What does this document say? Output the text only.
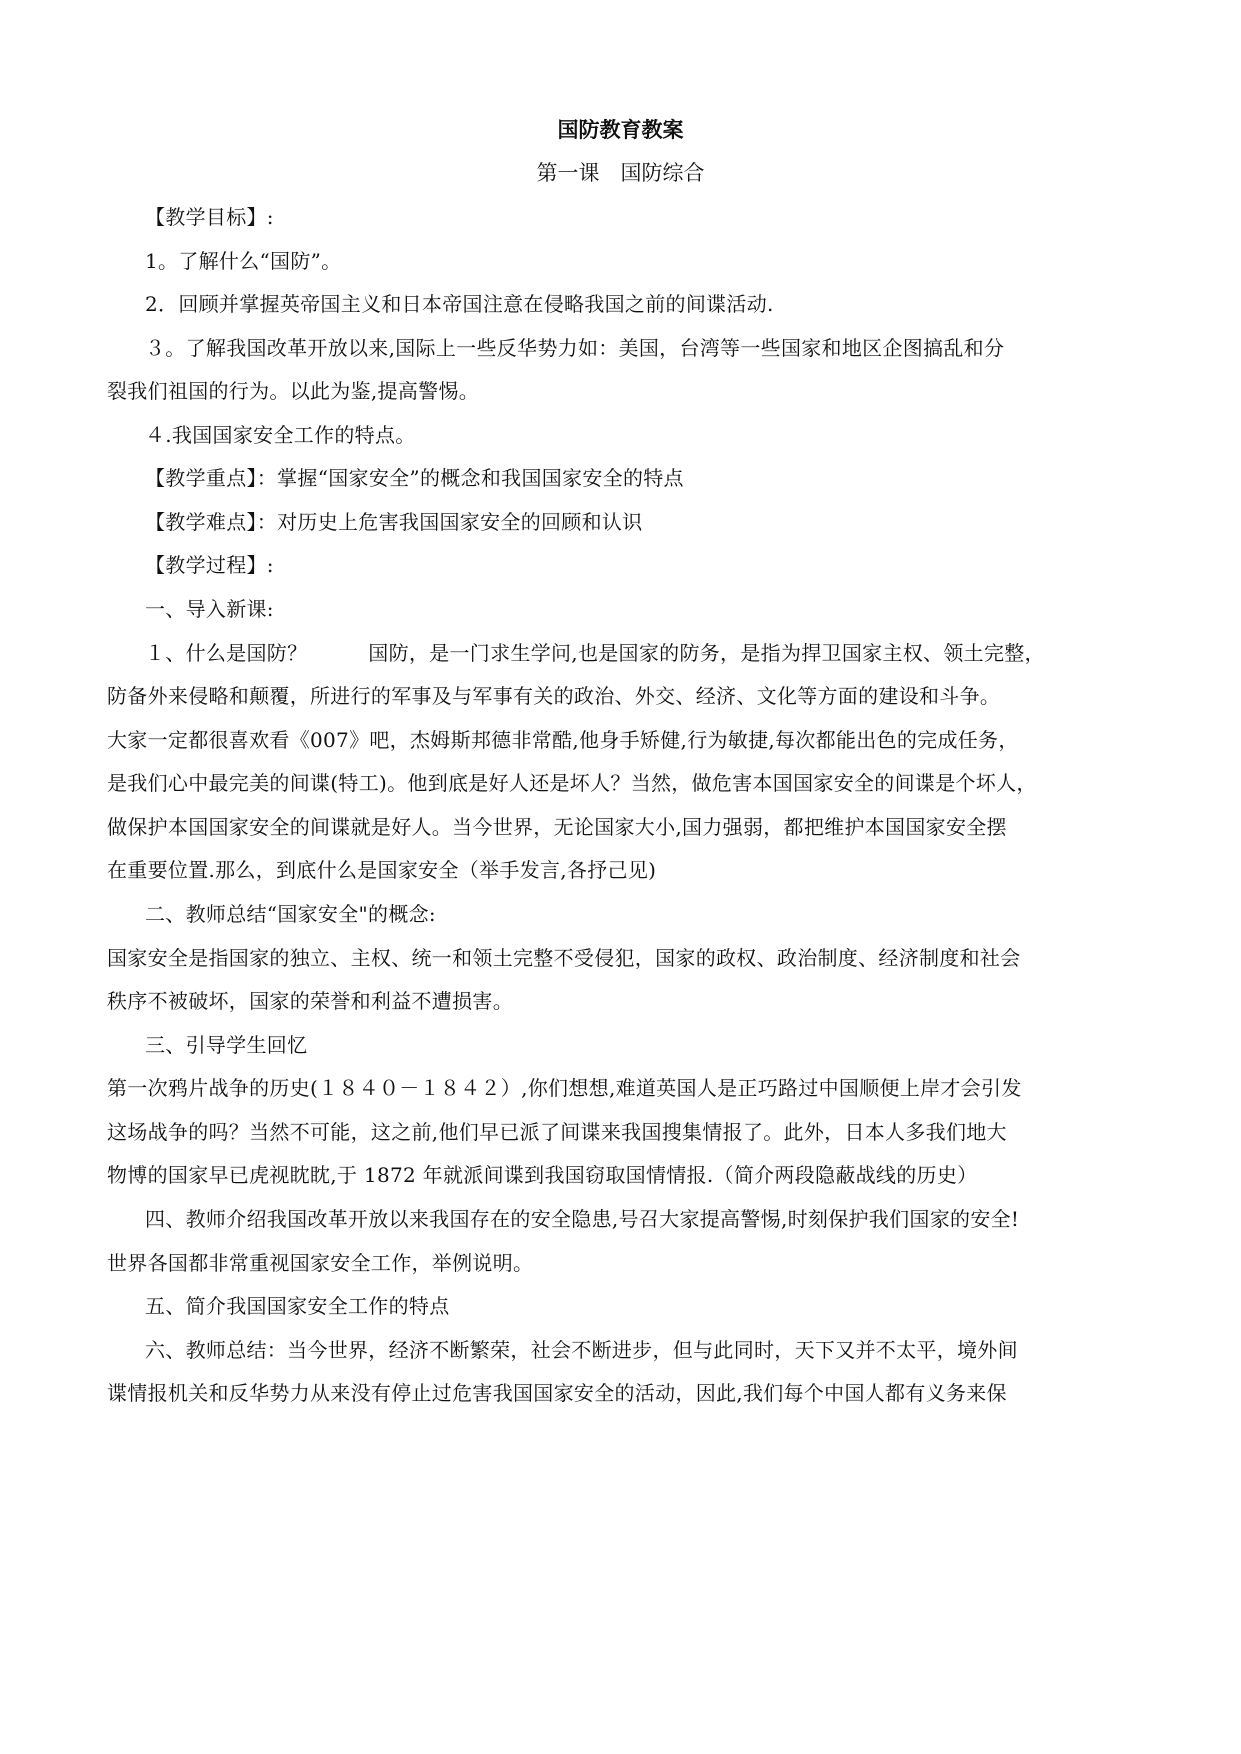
国防教育教案
第一课　国防综合
【教学目标】:
1。了解什么“国防”。
2．回顾并掌握英帝国主义和日本帝国注意在侵略我国之前的间谍活动.
３。了解我国改革开放以来,国际上一些反华势力如：美国，台湾等一些国家和地区企图搞乱和分
裂我们祖国的行为。以此为鉴,提高警惕。
４.我国国家安全工作的特点。
【教学重点】：掌握“国家安全”的概念和我国国家安全的特点
【教学难点】：对历史上危害我国国家安全的回顾和认识
【教学过程】:
一、导入新课:
１、什么是国防？　　　国防，是一门求生学问,也是国家的防务，是指为捍卫国家主权、领土完整，
防备外来侵略和颠覆，所进行的军事及与军事有关的政治、外交、经济、文化等方面的建设和斗争。
大家一定都很喜欢看《007》吧，杰姆斯邦德非常酷,他身手矫健,行为敏捷,每次都能出色的完成任务，
是我们心中最完美的间谍(特工)。他到底是好人还是坏人？当然，做危害本国国家安全的间谍是个坏人，
做保护本国国家安全的间谍就是好人。当今世界，无论国家大小,国力强弱，都把维护本国国家安全摆
在重要位置.那么，到底什么是国家安全（举手发言,各抒己见)
二、教师总结“国家安全"的概念:
国家安全是指国家的独立、主权、统一和领土完整不受侵犯，国家的政权、政治制度、经济制度和社会
秩序不被破坏，国家的荣誉和利益不遭损害。
三、引导学生回忆
第一次鸦片战争的历史(１８４０－１８４２）,你们想想,难道英国人是正巧路过中国顺便上岸才会引发
这场战争的吗？当然不可能，这之前,他们早已派了间谍来我国搜集情报了。此外，日本人多我们地大
物博的国家早已虎视眈眈,于 1872 年就派间谍到我国窃取国情情报.（简介两段隐蔽战线的历史）
四、教师介绍我国改革开放以来我国存在的安全隐患,号召大家提高警惕,时刻保护我们国家的安全!
世界各国都非常重视国家安全工作，举例说明。
五、简介我国国家安全工作的特点
六、教师总结：当今世界，经济不断繁荣，社会不断进步，但与此同时，天下又并不太平，境外间
谍情报机关和反华势力从来没有停止过危害我国国家安全的活动，因此,我们每个中国人都有义务来保
